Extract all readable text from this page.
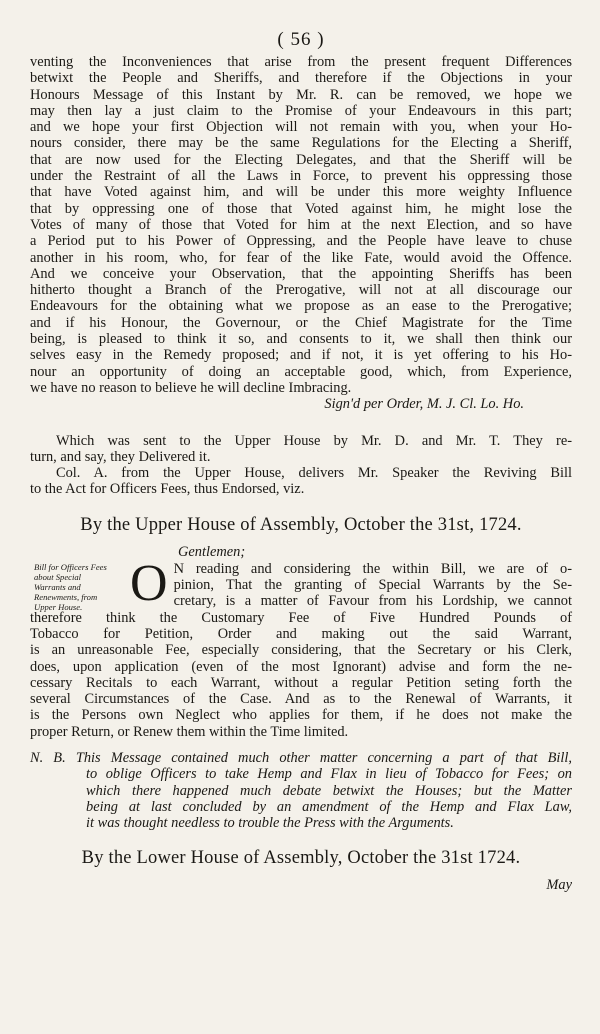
( 56 )
venting the Inconveniences that arise from the present frequent Differences
betwixt the People and Sheriffs, and therefore if the Objections in your
Honours Message of this Instant by Mr. R. can be removed, we hope we
may then lay a just claim to the Promise of your Endeavours in this part;
and we hope your first Objection will not remain with you, when your Ho-
nours consider, there may be the same Regulations for the Electing a Sheriff,
that are now used for the Electing Delegates, and that the Sheriff will be
under the Restraint of all the Laws in Force, to prevent his oppressing those
that have Voted against him, and will be under this more weighty Influence
that by oppressing one of those that Voted against him, he might lose the
Votes of many of those that Voted for him at the next Election, and so have
a Period put to his Power of Oppressing, and the People have leave to chuse
another in his room, who, for fear of the like Fate, would avoid the Offence.
And we conceive your Observation, that the appointing Sheriffs has been
hitherto thought a Branch of the Prerogative, will not at all discourage our
Endeavours for the obtaining what we propose as an ease to the Prerogative;
and if his Honour, the Governour, or the Chief Magistrate for the Time
being, is pleased to think it so, and consents to it, we shall then think our
selves easy in the Remedy proposed; and if not, it is yet offering to his Ho-
nour an opportunity of doing an acceptable good, which, from Experience,
we have no reason to believe he will decline Imbracing.
Sign'd per Order, M. J. Cl. Lo. Ho.
Which was sent to the Upper House by Mr. D. and Mr. T. They re-
turn, and say, they Delivered it.
Col. A. from the Upper House, delivers Mr. Speaker the Reviving Bill
to the Act for Officers Fees, thus Endorsed, viz.
By the Upper House of Assembly, October the 31st, 1724.
Bill for Officers Fees about Special Warrants and Renewments, from Upper House.
Gentlemen;
O N reading and considering the within Bill, we are of o-
pinion, That the granting of Special Warrants by the Se-
cretary, is a matter of Favour from his Lordship, we cannot
therefore think the Customary Fee of Five Hundred Pounds of
Tobacco for Petition, Order and making out the said Warrant,
is an unreasonable Fee, especially considering, that the Secretary or his Clerk,
does, upon application (even of the most Ignorant) advise and form the ne-
cessary Recitals to each Warrant, without a regular Petition seting forth the
several Circumstances of the Case. And as to the Renewal of Warrants, it
is the Persons own Neglect who applies for them, if he does not make the
proper Return, or Renew them within the Time limited.
N. B. This Message contained much other matter concerning a part of that Bill,
to oblige Officers to take Hemp and Flax in lieu of Tobacco for Fees; on
which there happened much debate betwixt the Houses; but the Matter
being at last concluded by an amendment of the Hemp and Flax Law,
it was thought needless to trouble the Press with the Arguments.
By the Lower House of Assembly, October the 31st 1724.

May
